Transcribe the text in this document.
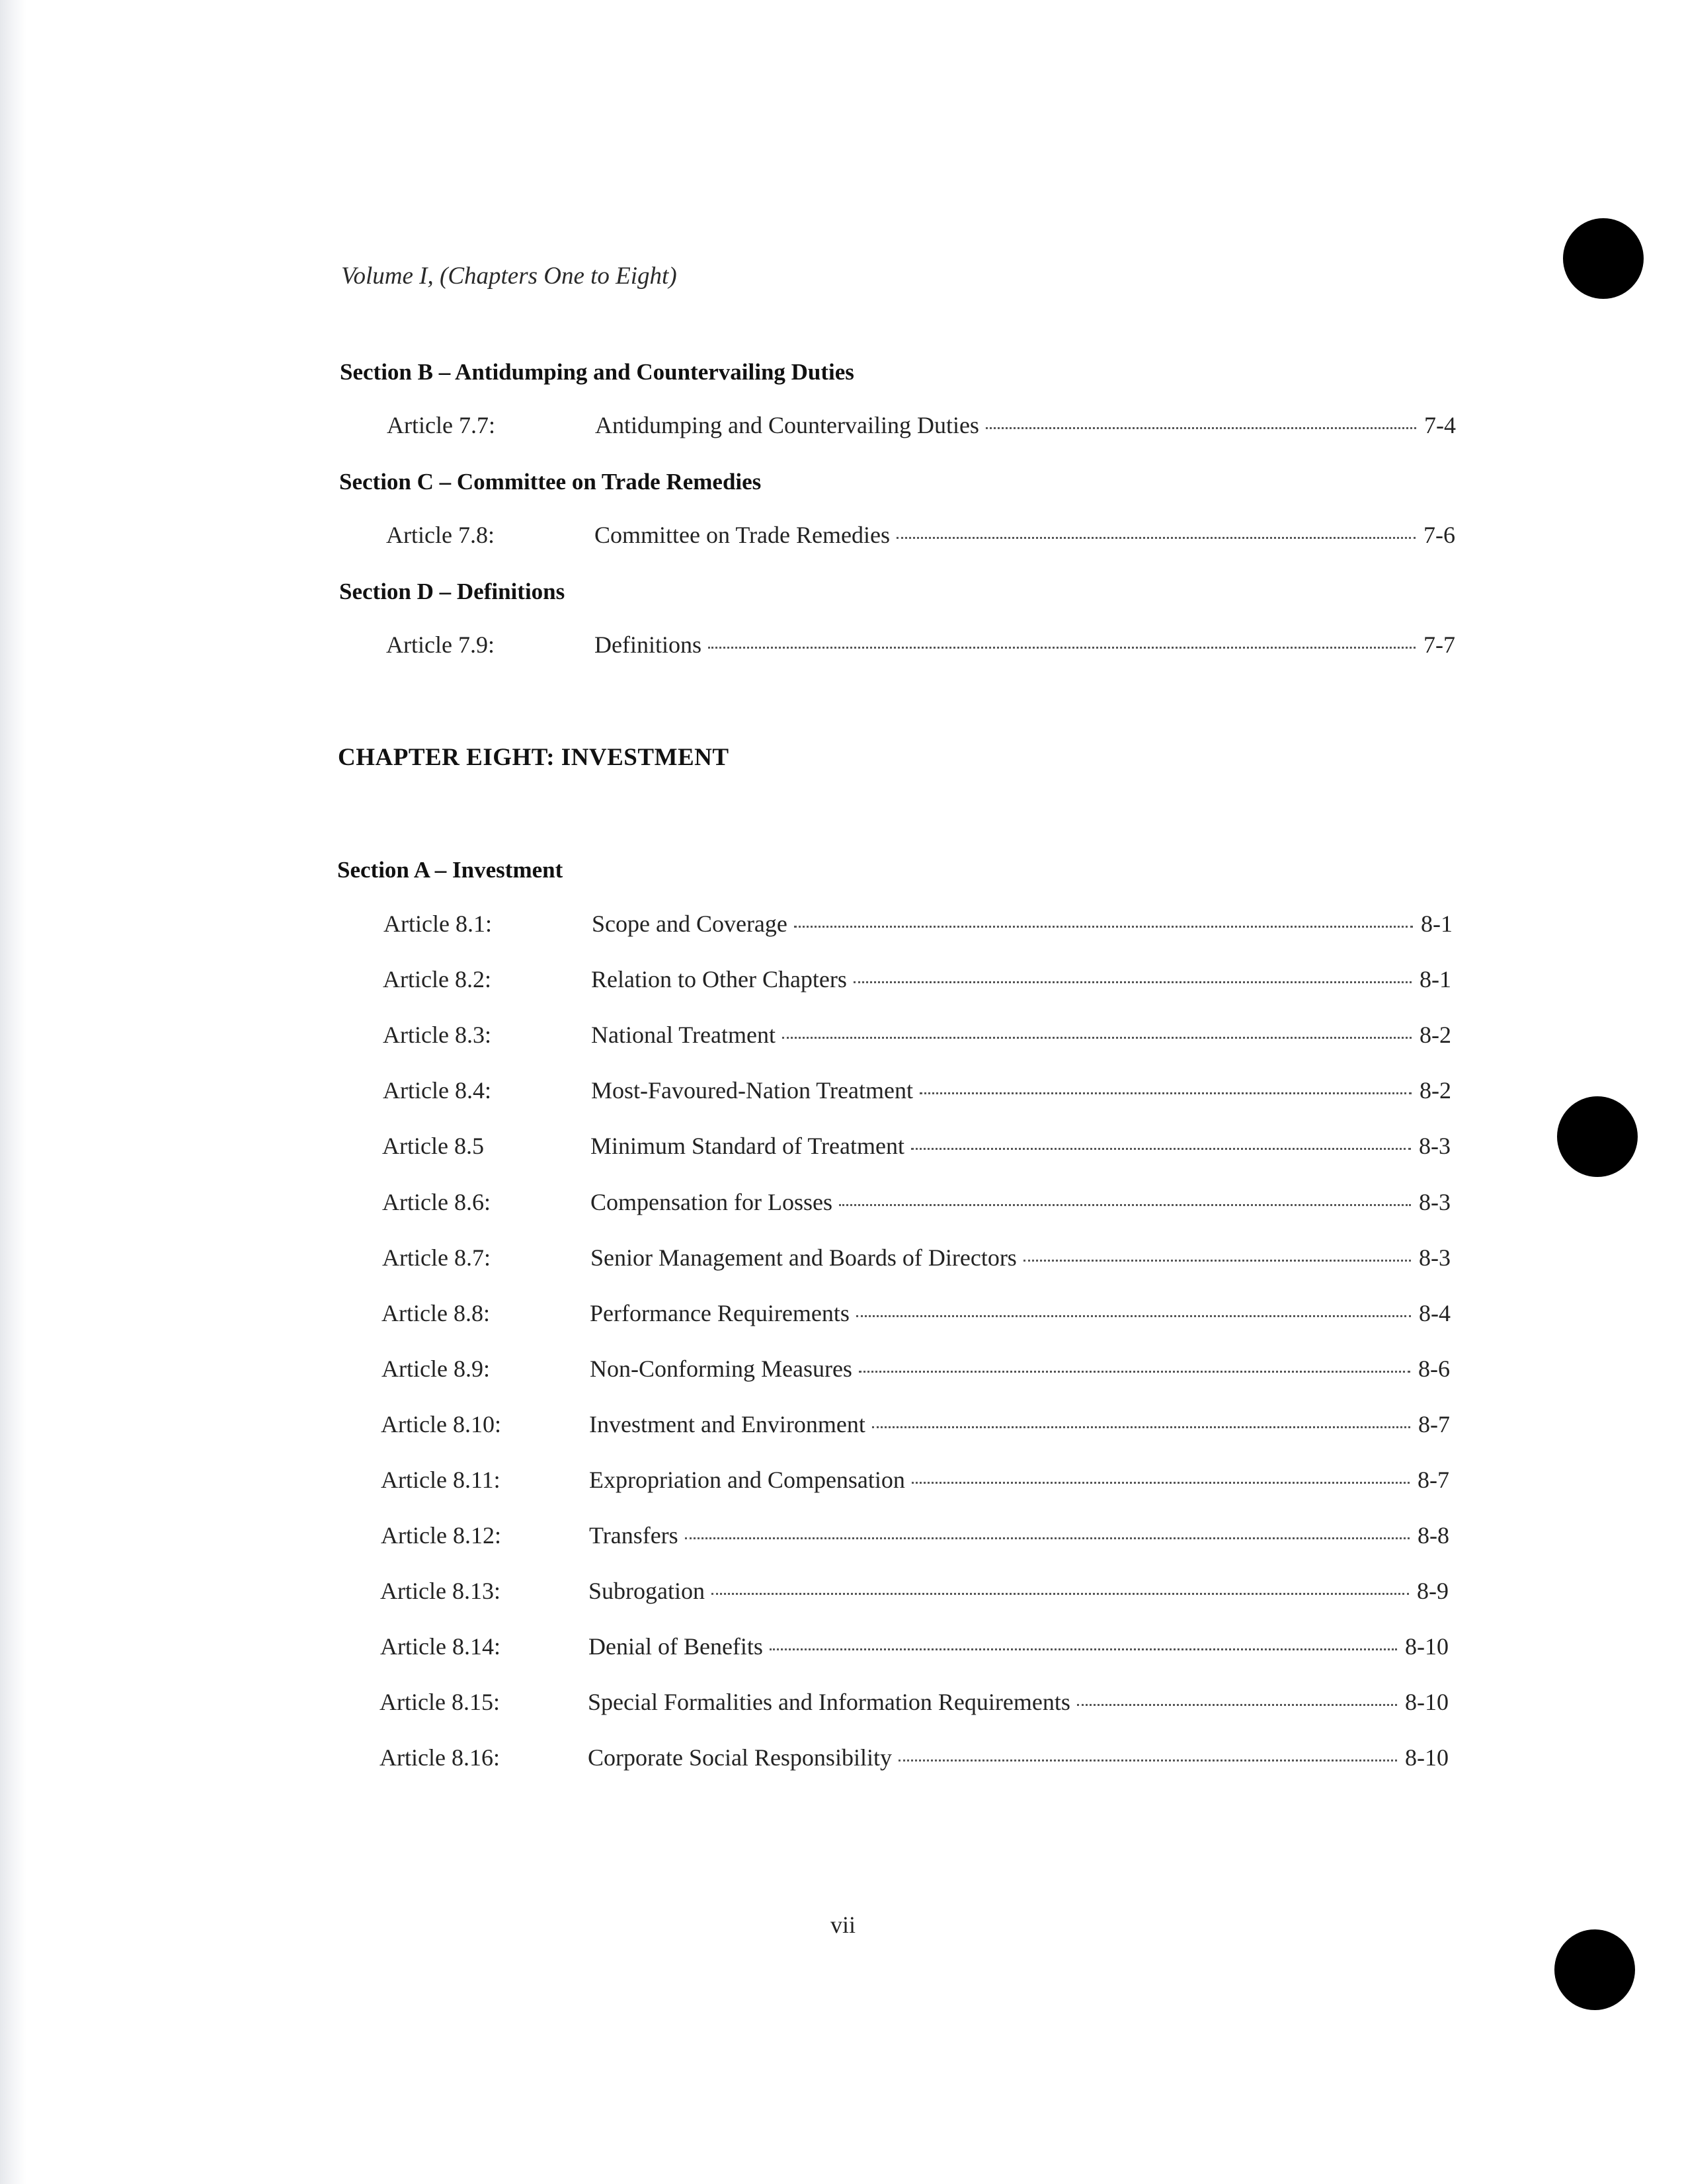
Volume I, (Chapters One to Eight)
Section B – Antidumping and Countervailing Duties
Article 7.7:	Antidumping and Countervailing Duties	7-4
Section C – Committee on Trade Remedies
Article 7.8:	Committee on Trade Remedies	7-6
Section D – Definitions
Article 7.9:	Definitions	7-7
CHAPTER EIGHT: INVESTMENT
Section A – Investment
Article 8.1:	Scope and Coverage	8-1
Article 8.2:	Relation to Other Chapters	8-1
Article 8.3:	National Treatment	8-2
Article 8.4:	Most-Favoured-Nation Treatment	8-2
Article 8.5	Minimum Standard of Treatment	8-3
Article 8.6:	Compensation for Losses	8-3
Article 8.7:	Senior Management and Boards of Directors	8-3
Article 8.8:	Performance Requirements	8-4
Article 8.9:	Non-Conforming Measures	8-6
Article 8.10:	Investment and Environment	8-7
Article 8.11:	Expropriation and Compensation	8-7
Article 8.12:	Transfers	8-8
Article 8.13:	Subrogation	8-9
Article 8.14:	Denial of Benefits	8-10
Article 8.15:	Special Formalities and Information Requirements	8-10
Article 8.16:	Corporate Social Responsibility	8-10
vii
